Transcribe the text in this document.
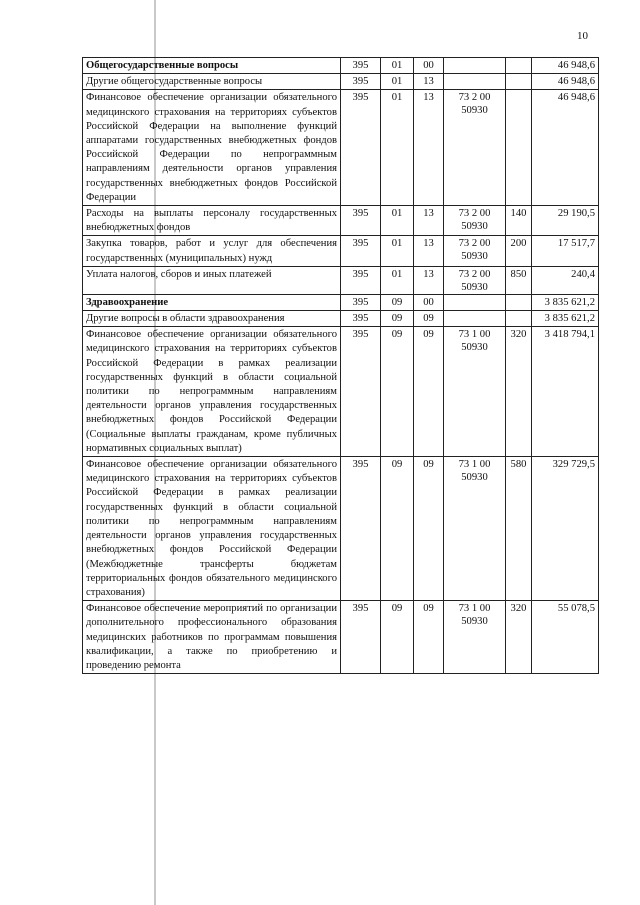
10
Общегосударственные вопросы	395	01	00			46 948,6
Другие общегосударственные вопросы	395	01	13			46 948,6
Финансовое обеспечение организации обязательного медицинского страхования на территориях субъектов Российской Федерации на выполнение функций аппаратами государственных внебюджетных фондов Российской Федерации по непрограммным направлениям деятельности органов управления государственных внебюджетных фондов Российской Федерации	395	01	13	73 2 00 50930		46 948,6
Расходы на выплаты персоналу государственных внебюджетных фондов	395	01	13	73 2 00 50930	140	29 190,5
Закупка товаров, работ и услуг для обеспечения государственных (муниципальных) нужд	395	01	13	73 2 00 50930	200	17 517,7
Уплата налогов, сборов и иных платежей	395	01	13	73 2 00 50930	850	240,4
Здравоохранение	395	09	00			3 835 621,2
Другие вопросы в области здравоохранения	395	09	09			3 835 621,2
Финансовое обеспечение организации обязательного медицинского страхования на территориях субъектов Российской Федерации в рамках реализации государственных функций в области социальной политики по непрограммным направлениям деятельности органов управления государственных внебюджетных фондов Российской Федерации (Социальные выплаты гражданам, кроме публичных нормативных социальных выплат)	395	09	09	73 1 00 50930	320	3 418 794,1
Финансовое обеспечение организации обязательного медицинского страхования на территориях субъектов Российской Федерации в рамках реализации государственных функций в области социальной политики по непрограммным направлениям деятельности органов управления государственных внебюджетных фондов Российской Федерации (Межбюджетные трансферты бюджетам территориальных фондов обязательного медицинского страхования)	395	09	09	73 1 00 50930	580	329 729,5
Финансовое обеспечение мероприятий по организации дополнительного профессионального образования медицинских работников по программам повышения квалификации, а также по приобретению и проведению ремонта	395	09	09	73 1 00 50930	320	55 078,5
